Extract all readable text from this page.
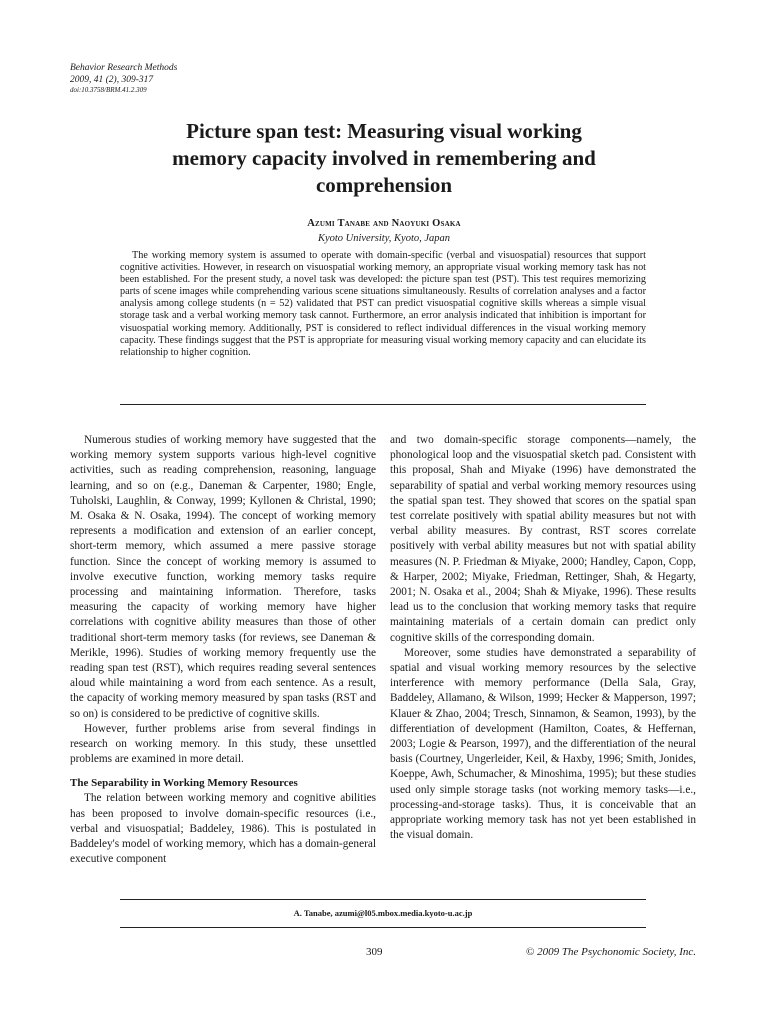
Behavior Research Methods
2009, 41 (2), 309-317
doi:10.3758/BRM.41.2.309
Picture span test: Measuring visual working memory capacity involved in remembering and comprehension
Azumi Tanabe and Naoyuki Osaka
Kyoto University, Kyoto, Japan
The working memory system is assumed to operate with domain-specific (verbal and visuospatial) resources that support cognitive activities. However, in research on visuospatial working memory, an appropriate visual working memory task has not been established. For the present study, a novel task was developed: the picture span test (PST). This test requires memorizing parts of scene images while comprehending various scene situations simultaneously. Results of correlation analyses and a factor analysis among college students (n = 52) validated that PST can predict visuospatial cognitive skills whereas a simple visual storage task and a verbal working memory task cannot. Furthermore, an error analysis indicated that inhibition is important for visuospatial working memory. Additionally, PST is considered to reflect individual differences in the visual working memory capacity. These findings suggest that the PST is appropriate for measuring visual working memory capacity and can elucidate its relationship to higher cognition.

Numerous studies of working memory have suggested that the working memory system supports various high-level cognitive activities, such as reading comprehension, reasoning, language learning, and so on (e.g., Daneman & Carpenter, 1980; Engle, Tuholski, Laughlin, & Conway, 1999; Kyllonen & Christal, 1990; M. Osaka & N. Osaka, 1994). The concept of working memory represents a modification and extension of an earlier concept, short-term memory, which assumed a mere passive storage function. Since the concept of working memory is assumed to involve executive function, working memory tasks require processing and maintaining information. Therefore, tasks measuring the capacity of working memory have higher correlations with cognitive ability measures than those of other traditional short-term memory tasks (for reviews, see Daneman & Merikle, 1996). Studies of working memory frequently use the reading span test (RST), which requires reading several sentences aloud while maintaining a word from each sentence. As a result, the capacity of working memory measured by span tasks (RST and so on) is considered to be predictive of cognitive skills.

However, further problems arise from several findings in research on working memory. In this study, these unsettled problems are examined in more detail.

The Separability in Working Memory Resources

The relation between working memory and cognitive abilities has been proposed to involve domain-specific resources (i.e., verbal and visuospatial; Baddeley, 1986). This is postulated in Baddeley's model of working memory, which has a domain-general executive component

and two domain-specific storage components—namely, the phonological loop and the visuospatial sketch pad. Consistent with this proposal, Shah and Miyake (1996) have demonstrated the separability of spatial and verbal working memory resources using the spatial span test. They showed that scores on the spatial span test correlate positively with spatial ability measures but not with verbal ability measures. By contrast, RST scores correlate positively with verbal ability measures but not with spatial ability measures (N. P. Friedman & Miyake, 2000; Handley, Capon, Copp, & Harper, 2002; Miyake, Friedman, Rettinger, Shah, & Hegarty, 2001; N. Osaka et al., 2004; Shah & Miyake, 1996). These results lead us to the conclusion that working memory tasks that require maintaining materials of a certain domain can predict only cognitive skills of the corresponding domain.

Moreover, some studies have demonstrated a separability of spatial and visual working memory resources by the selective interference with memory performance (Della Sala, Gray, Baddeley, Allamano, & Wilson, 1999; Hecker & Mapperson, 1997; Klauer & Zhao, 2004; Tresch, Sinnamon, & Seamon, 1993), by the differentiation of development (Hamilton, Coates, & Heffernan, 2003; Logie & Pearson, 1997), and the differentiation of the neural basis (Courtney, Ungerleider, Keil, & Haxby, 1996; Smith, Jonides, Koeppe, Awh, Schumacher, & Minoshima, 1995); but these studies used only simple storage tasks (not working memory tasks—i.e., processing-and-storage tasks). Thus, it is conceivable that an appropriate working memory task has not yet been established in the visual domain.

A. Tanabe, azumi@l05.mbox.media.kyoto-u.ac.jp
309	© 2009 The Psychonomic Society, Inc.
